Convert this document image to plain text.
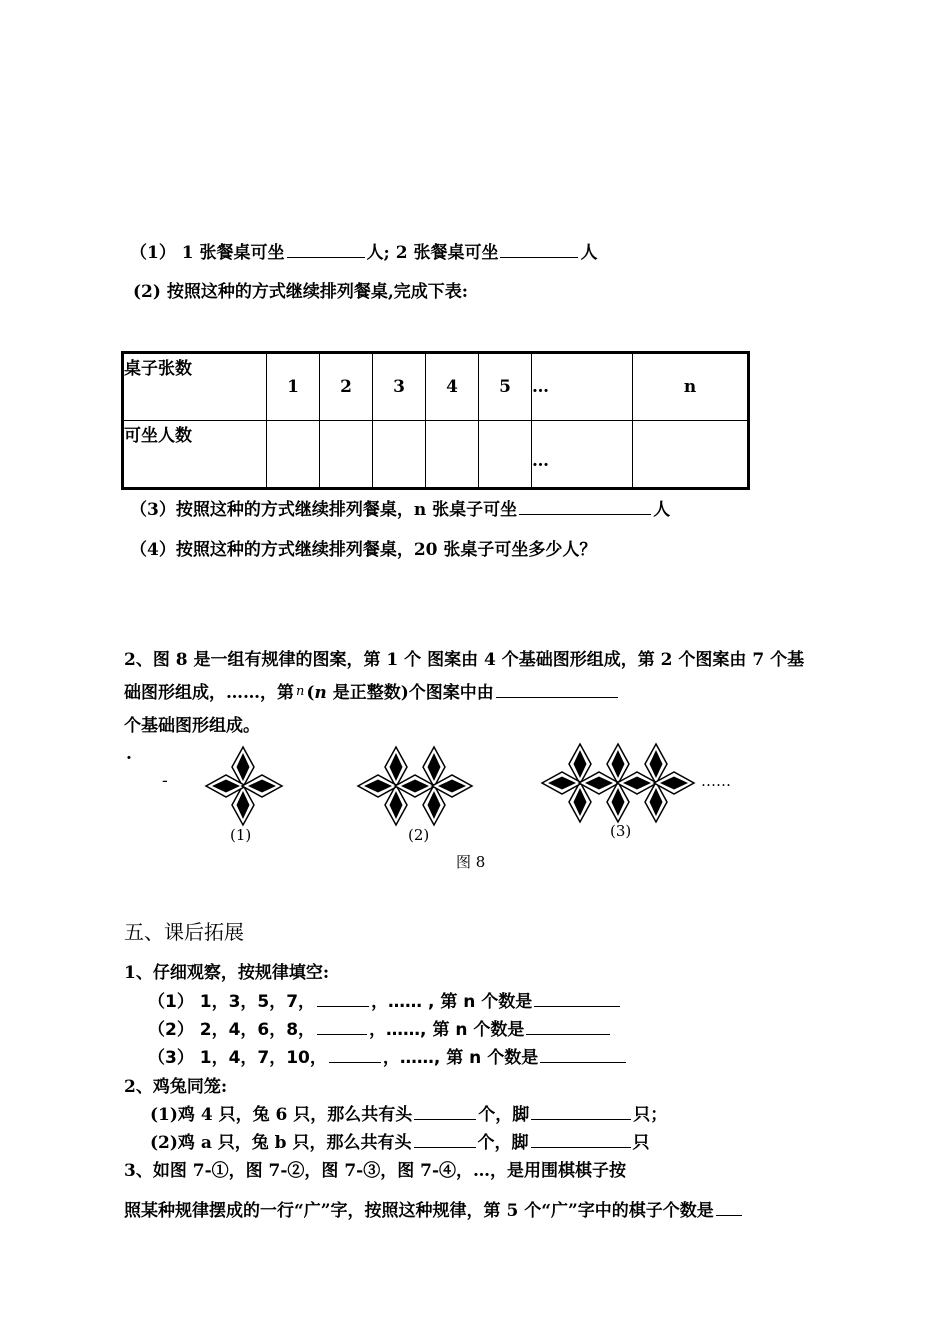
（1） 1 张餐桌可坐	人; 2 张餐桌可坐	人
(2) 按照这种的方式继续排列餐桌,完成下表:
桌子张数	1	2	3	4	5	…	n
可坐人数						…	
（3）按照这种的方式继续排列餐桌，n 张桌子可坐	人
（4）按照这种的方式继续排列餐桌，20 张桌子可坐多少人？
2、图 8 是一组有规律的图案，第 1 个 图案由 4 个基础图形组成，第 2 个图案由 7 个基
础图形组成，……，第 n (n 是正整数)个图案中由
个基础图形组成。
.
-
(1)	(2)	(3)
……
图 8
五、课后拓展
1、仔细观察，按规律填空:
（1） 1，3，5，7，	，…… , 第 n 个数是
（2） 2，4，6，8，	，……, 第 n 个数是
（3） 1，4，7，10，	，……, 第 n 个数是
2、鸡兔同笼:
(1)鸡 4 只，兔 6 只，那么共有头	个，脚	只；
(2)鸡 a 只，兔 b 只，那么共有头	个，脚	只
3、如图 7-①，图 7-②，图 7-③，图 7-④，…，是用围棋棋子按
照某种规律摆成的一行“广”字，按照这种规律，第 5 个“广”字中的棋子个数是
